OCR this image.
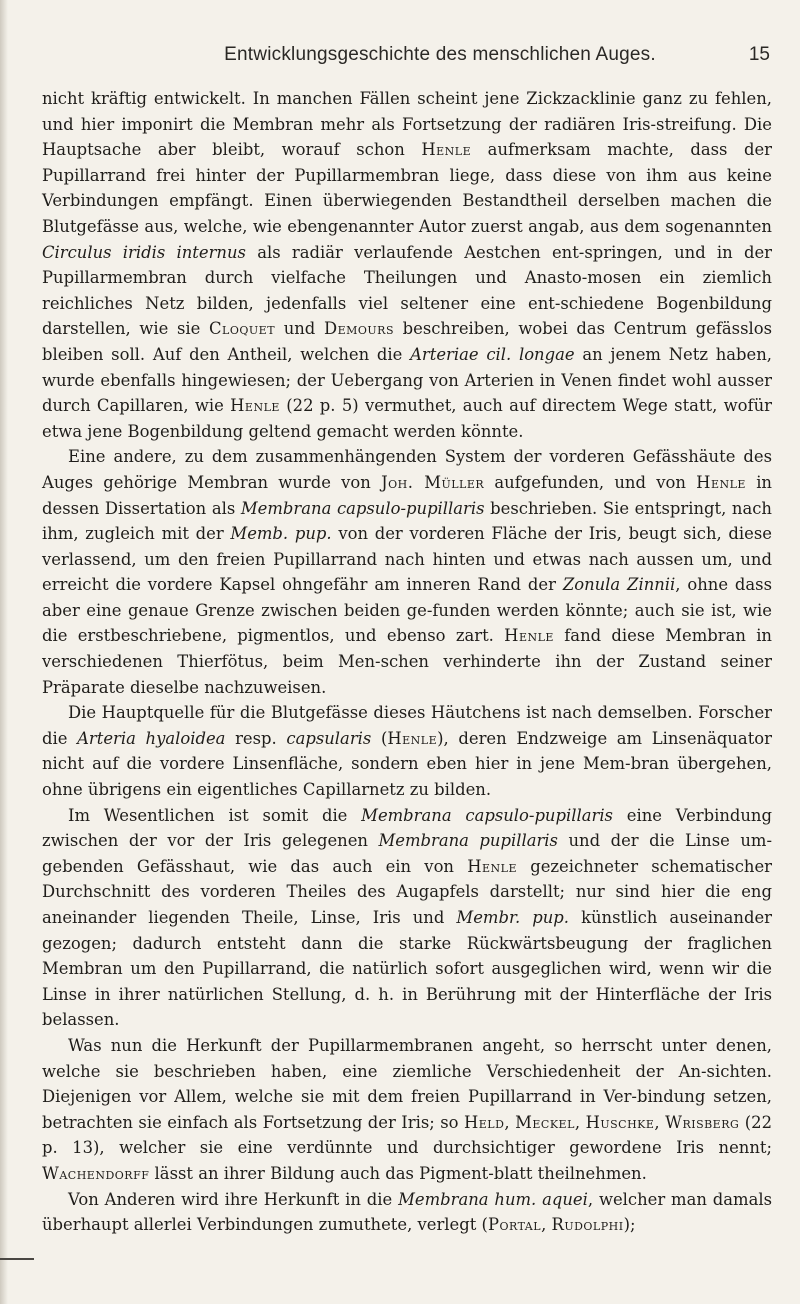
Entwicklungsgeschichte des menschlichen Auges.	15

nicht kräftig entwickelt. In manchen Fällen scheint jene Zickzacklinie ganz zu fehlen, und hier imponirt die Membran mehr als Fortsetzung der radiären Iris-streifung. Die Hauptsache aber bleibt, worauf schon Henle aufmerksam machte, dass der Pupillarrand frei hinter der Pupillarmembran liege, dass diese von ihm aus keine Verbindungen empfängt. Einen überwiegenden Bestandtheil derselben machen die Blutgefässe aus, welche, wie ebengenannter Autor zuerst angab, aus dem sogenannten Circulus iridis internus als radiär verlaufende Aestchen ent-springen, und in der Pupillarmembran durch vielfache Theilungen und Anasto-mosen ein ziemlich reichliches Netz bilden, jedenfalls viel seltener eine ent-schiedene Bogenbildung darstellen, wie sie Cloquet und Demours beschreiben, wobei das Centrum gefässlos bleiben soll. Auf den Antheil, welchen die Arteriae cil. longae an jenem Netz haben, wurde ebenfalls hingewiesen; der Uebergang von Arterien in Venen findet wohl ausser durch Capillaren, wie Henle (22 p. 5) vermuthet, auch auf directem Wege statt, wofür etwa jene Bogenbildung geltend gemacht werden könnte.

Eine andere, zu dem zusammenhängenden System der vorderen Gefässhäute des Auges gehörige Membran wurde von Joh. Müller aufgefunden, und von Henle in dessen Dissertation als Membrana capsulo-pupillaris beschrieben. Sie entspringt, nach ihm, zugleich mit der Memb. pup. von der vorderen Fläche der Iris, beugt sich, diese verlassend, um den freien Pupillarrand nach hinten und etwas nach aussen um, und erreicht die vordere Kapsel ohngefähr am inneren Rand der Zonula Zinnii, ohne dass aber eine genaue Grenze zwischen beiden ge-funden werden könnte; auch sie ist, wie die erstbeschriebene, pigmentlos, und ebenso zart. Henle fand diese Membran in verschiedenen Thierfötus, beim Men-schen verhinderte ihn der Zustand seiner Präparate dieselbe nachzuweisen.

Die Hauptquelle für die Blutgefässe dieses Häutchens ist nach demselben. Forscher die Arteria hyaloidea resp. capsularis (Henle), deren Endzweige am Linsenäquator nicht auf die vordere Linsenfläche, sondern eben hier in jene Mem-bran übergehen, ohne übrigens ein eigentliches Capillarnetz zu bilden.

Im Wesentlichen ist somit die Membrana capsulo-pupillaris eine Verbindung zwischen der vor der Iris gelegenen Membrana pupillaris und der die Linse um-gebenden Gefässhaut, wie das auch ein von Henle gezeichneter schematischer Durchschnitt des vorderen Theiles des Augapfels darstellt; nur sind hier die eng aneinander liegenden Theile, Linse, Iris und Membr. pup. künstlich auseinander gezogen; dadurch entsteht dann die starke Rückwärtsbeugung der fraglichen Membran um den Pupillarrand, die natürlich sofort ausgeglichen wird, wenn wir die Linse in ihrer natürlichen Stellung, d. h. in Berührung mit der Hinterfläche der Iris belassen.

Was nun die Herkunft der Pupillarmembranen angeht, so herrscht unter denen, welche sie beschrieben haben, eine ziemliche Verschiedenheit der An-sichten. Diejenigen vor Allem, welche sie mit dem freien Pupillarrand in Ver-bindung setzen, betrachten sie einfach als Fortsetzung der Iris; so Held, Meckel, Huschke, Wrisberg (22 p. 13), welcher sie eine verdünnte und durchsichtiger gewordene Iris nennt; Wachendorff lässt an ihrer Bildung auch das Pigment-blatt theilnehmen.

Von Anderen wird ihre Herkunft in die Membrana hum. aquei, welcher man damals überhaupt allerlei Verbindungen zumuthete, verlegt (Portal, Rudolphi);
